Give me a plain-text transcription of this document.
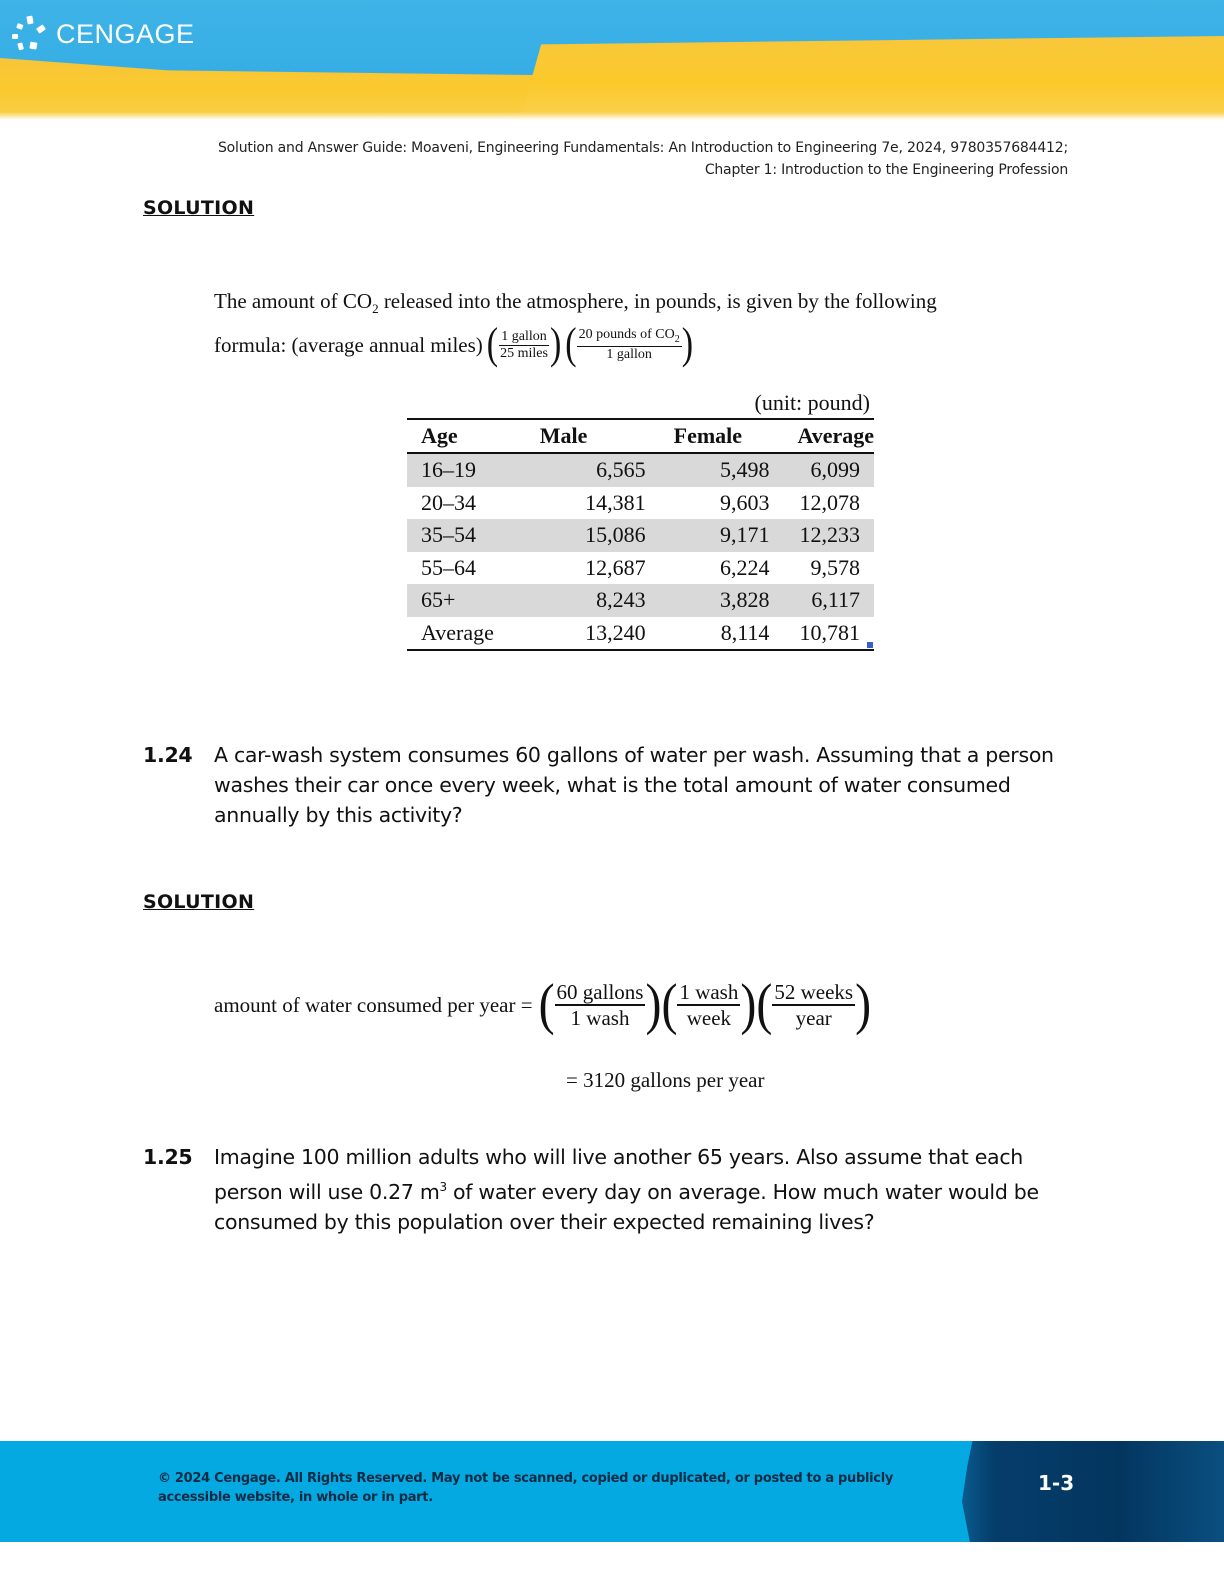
CENGAGE
Solution and Answer Guide: Moaveni, Engineering Fundamentals: An Introduction to Engineering 7e, 2024, 9780357684412;
Chapter 1: Introduction to the Engineering Profession
SOLUTION
The amount of $CO_2$ released into the atmosphere, in pounds, is given by the following
formula: (average annual miles) ( $\frac{\text{1 gallon}}{\text{25 miles}}$ ) ( $\frac{20 pounds of CO_2}{\text{1 gallon}}$ )
(unit: pound)
Age	Male	Female	Average
16–19	6,565	5,498	6,099
20–34	14,381	9,603	12,078
35–54	15,086	9,171	12,233
55–64	12,687	6,224	9,578
65+	8,243	3,828	6,117
Average	13,240	8,114	10,781
1.24 A car-wash system consumes 60 gallons of water per wash. Assuming that a person washes their car once every week, what is the total amount of water consumed annually by this activity?
SOLUTION
amount of water consumed per year = ( $\frac{\text{60 gallons}}{\text{1 wash}}$ ) ( $\frac{\text{1 wash}}{\text{week}}$ ) ( $\frac{\text{52 weeks}}{\text{year}}$ )
= 3120 gallons per year
1.25 Imagine 100 million adults who will live another 65 years. Also assume that each person will use 0.27 $m^3$ of water every day on average. How much water would be consumed by this population over their expected remaining lives?
© 2024 Cengage. All Rights Reserved. May not be scanned, copied or duplicated, or posted to a publicly accessible website, in whole or in part.
1-3
